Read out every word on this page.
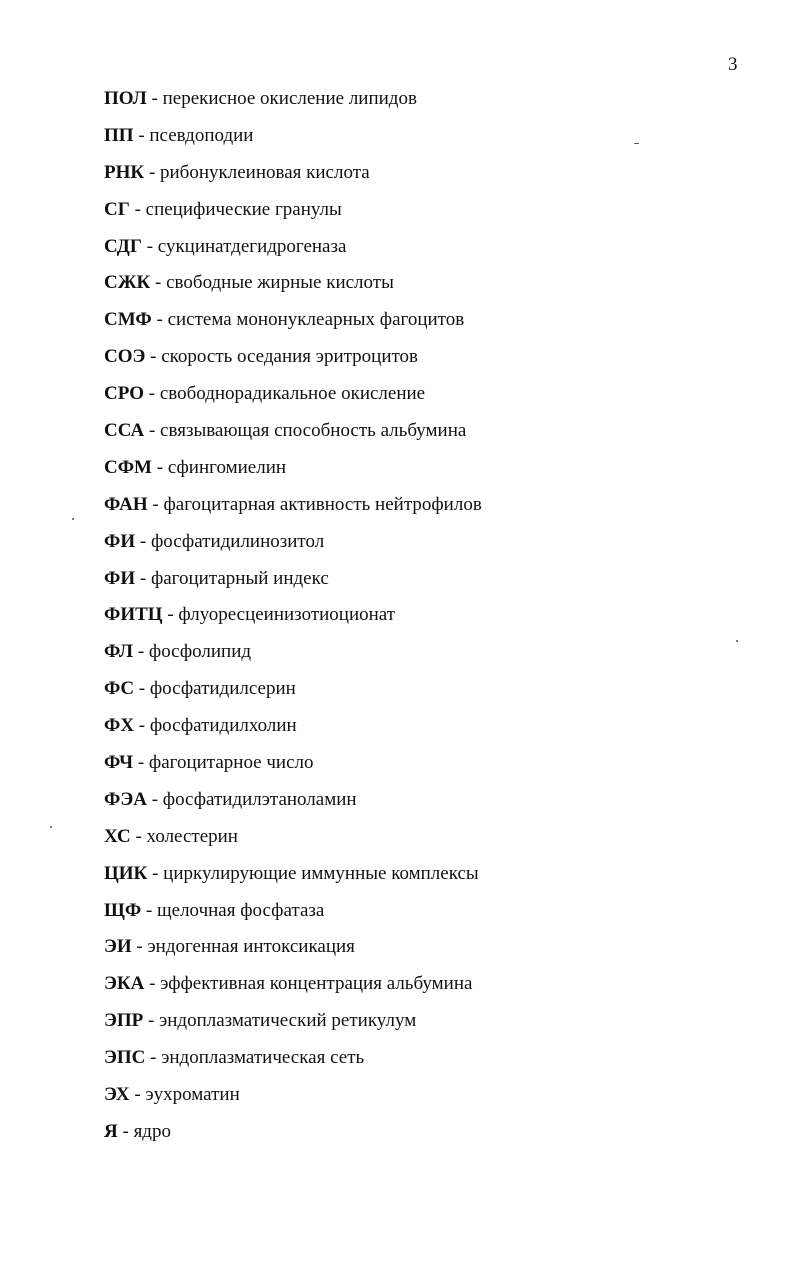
3
ПОЛ - перекисное окисление липидов
ПП - псевдоподии
РНК - рибонуклеиновая кислота
СГ - специфические гранулы
СДГ - сукцинатдегидрогеназа
СЖК - свободные жирные кислоты
СМФ - система мононуклеарных фагоцитов
СОЭ - скорость оседания эритроцитов
СРО - свободнорадикальное окисление
ССА - связывающая способность альбумина
СФМ - сфингомиелин
ФАН - фагоцитарная активность нейтрофилов
ФИ - фосфатидилинозитол
ФИ - фагоцитарный индекс
ФИТЦ - флуоресцеинизотиоционат
ФЛ - фосфолипид
ФС - фосфатидилсерин
ФХ - фосфатидилхолин
ФЧ - фагоцитарное число
ФЭА - фосфатидилэтаноламин
ХС - холестерин
ЦИК - циркулирующие иммунные комплексы
ЩФ - щелочная фосфатаза
ЭИ - эндогенная интоксикация
ЭКА - эффективная концентрация альбумина
ЭПР - эндоплазматический ретикулум
ЭПС - эндоплазматическая сеть
ЭХ - эухроматин
Я - ядро
